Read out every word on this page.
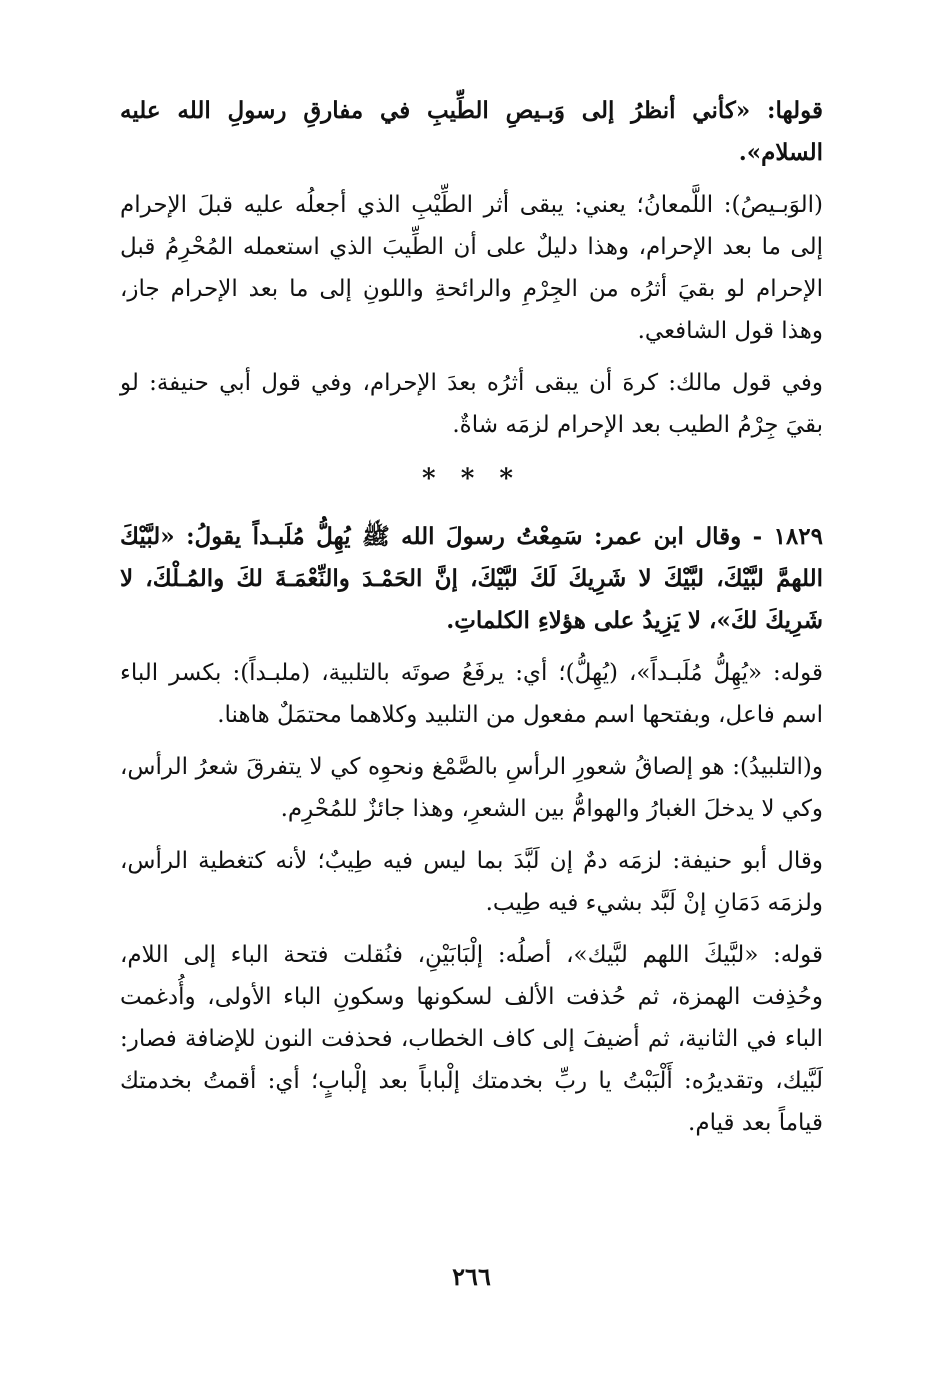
قولها: «كأني أنظرُ إلى وَبـيصِ الطِّيبِ في مفارقِ رسولِ الله عليه السلام».

(الوَبـيصُ): اللَّمعانُ؛ يعني: يبقى أثر الطِّيْبِ الذي أجعلُه عليه قبلَ الإحرام إلى ما بعد الإحرام، وهذا دليلٌ على أن الطِّيبَ الذي استعمله المُحْرِمُ قبل الإحرام لو بقيَ أثرُه من الجِرْمِ والرائحةِ واللونِ إلى ما بعد الإحرام جاز، وهذا قول الشافعي.

وفي قول مالك: كرهَ أن يبقى أثرُه بعدَ الإحرام، وفي قول أبي حنيفة: لو بقيَ جِرْمُ الطيب بعد الإحرام لزمَه شاةٌ.

* * *

١٨٢٩ - وقال ابن عمر: سَمِعْتُ رسولَ الله ﷺ يُهِلُّ مُلَبـداً يقولُ: «لبَّيْكَ اللهمَّ لبَّيْكَ، لبَّيْكَ لا شَرِيكَ لَكَ لبَّيْكَ، إنَّ الحَمْـدَ والنِّعْمَـةَ لكَ والمُـلْكَ، لا شَرِيكَ لكَ»، لا يَزِيدُ على هؤلاءِ الكلماتِ.

قوله: «يُهِلُّ مُلَبـداً»، (يُهِلُّ)؛ أي: يرفَعُ صوتَه بالتلبية، (ملبـداً): بكسر الباء اسم فاعل، وبفتحها اسم مفعول من التلبيد وكلاهما محتمَلٌ هاهنا.

و(التلبيدُ): هو إلصاقُ شعورِ الرأسِ بالصَّمْغ ونحوِه كي لا يتفرقَ شعرُ الرأس، وكي لا يدخلَ الغبارُ والهوامُّ بين الشعرِ، وهذا جائزٌ للمُحْرِم.

وقال أبو حنيفة: لزمَه دمٌ إن لَبَّدَ بما ليس فيه طِيبٌ؛ لأنه كتغطية الرأس، ولزمَه دَمَانِ إنْ لَبَّد بشيء فيه طِيب.

قوله: «لبَّيكَ اللهم لبَّيك»، أصلُه: إلْبَابَيْنِ، فنُقلت فتحة الباء إلى اللام، وحُذِفت الهمزة، ثم حُذفت الألف لسكونها وسكونِ الباء الأولى، وأُدغمت الباء في الثانية، ثم أضيفَ إلى كاف الخطاب، فحذفت النون للإضافة فصار: لَبَّيك، وتقديرُه: أَلْبَبْتُ يا ربِّ بخدمتك إلْباباً بعد إلْبابٍ؛ أي: أقمتُ بخدمتك قياماً بعد قيام.

٢٦٦
